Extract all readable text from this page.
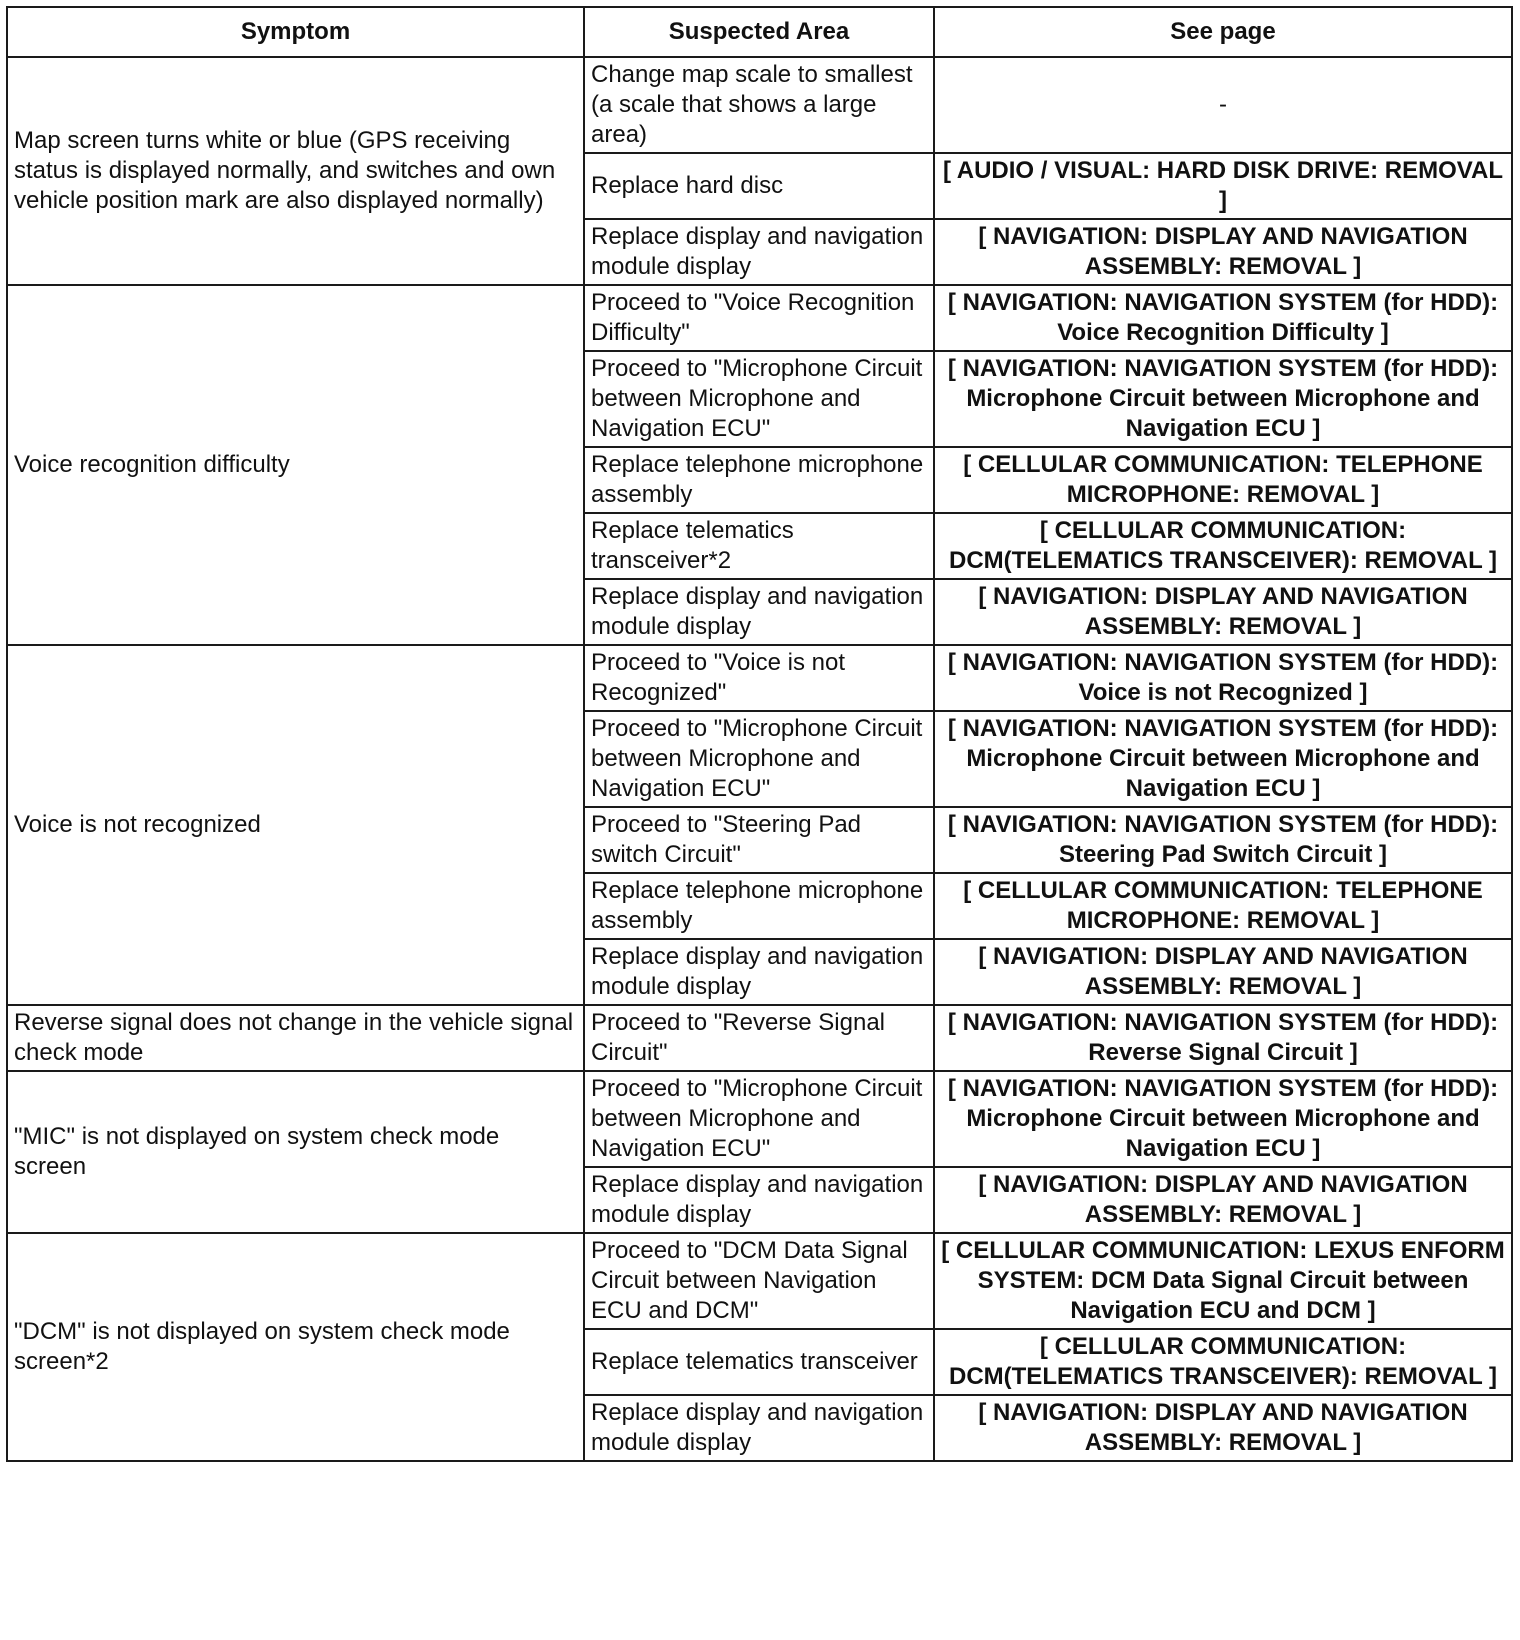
Symptom	Suspected Area	See page
Map screen turns white or blue (GPS receiving status is displayed normally, and switches and own vehicle position mark are also displayed normally)	Change map scale to smallest (a scale that shows a large area)	-
	Replace hard disc	[ AUDIO / VISUAL: HARD DISK DRIVE: REMOVAL ]
	Replace display and navigation module display	[ NAVIGATION: DISPLAY AND NAVIGATION ASSEMBLY: REMOVAL ]
Voice recognition difficulty	Proceed to "Voice Recognition Difficulty"	[ NAVIGATION: NAVIGATION SYSTEM (for HDD): Voice Recognition Difficulty ]
	Proceed to "Microphone Circuit between Microphone and Navigation ECU"	[ NAVIGATION: NAVIGATION SYSTEM (for HDD): Microphone Circuit between Microphone and Navigation ECU ]
	Replace telephone microphone assembly	[ CELLULAR COMMUNICATION: TELEPHONE MICROPHONE: REMOVAL ]
	Replace telematics transceiver*2	[ CELLULAR COMMUNICATION: DCM(TELEMATICS TRANSCEIVER): REMOVAL ]
	Replace display and navigation module display	[ NAVIGATION: DISPLAY AND NAVIGATION ASSEMBLY: REMOVAL ]
Voice is not recognized	Proceed to "Voice is not Recognized"	[ NAVIGATION: NAVIGATION SYSTEM (for HDD): Voice is not Recognized ]
	Proceed to "Microphone Circuit between Microphone and Navigation ECU"	[ NAVIGATION: NAVIGATION SYSTEM (for HDD): Microphone Circuit between Microphone and Navigation ECU ]
	Proceed to "Steering Pad switch Circuit"	[ NAVIGATION: NAVIGATION SYSTEM (for HDD): Steering Pad Switch Circuit ]
	Replace telephone microphone assembly	[ CELLULAR COMMUNICATION: TELEPHONE MICROPHONE: REMOVAL ]
	Replace display and navigation module display	[ NAVIGATION: DISPLAY AND NAVIGATION ASSEMBLY: REMOVAL ]
Reverse signal does not change in the vehicle signal check mode	Proceed to "Reverse Signal Circuit"	[ NAVIGATION: NAVIGATION SYSTEM (for HDD): Reverse Signal Circuit ]
"MIC" is not displayed on system check mode screen	Proceed to "Microphone Circuit between Microphone and Navigation ECU"	[ NAVIGATION: NAVIGATION SYSTEM (for HDD): Microphone Circuit between Microphone and Navigation ECU ]
	Replace display and navigation module display	[ NAVIGATION: DISPLAY AND NAVIGATION ASSEMBLY: REMOVAL ]
"DCM" is not displayed on system check mode screen*2	Proceed to "DCM Data Signal Circuit between Navigation ECU and DCM"	[ CELLULAR COMMUNICATION: LEXUS ENFORM SYSTEM: DCM Data Signal Circuit between Navigation ECU and DCM ]
	Replace telematics transceiver	[ CELLULAR COMMUNICATION: DCM(TELEMATICS TRANSCEIVER): REMOVAL ]
	Replace display and navigation module display	[ NAVIGATION: DISPLAY AND NAVIGATION ASSEMBLY: REMOVAL ]
